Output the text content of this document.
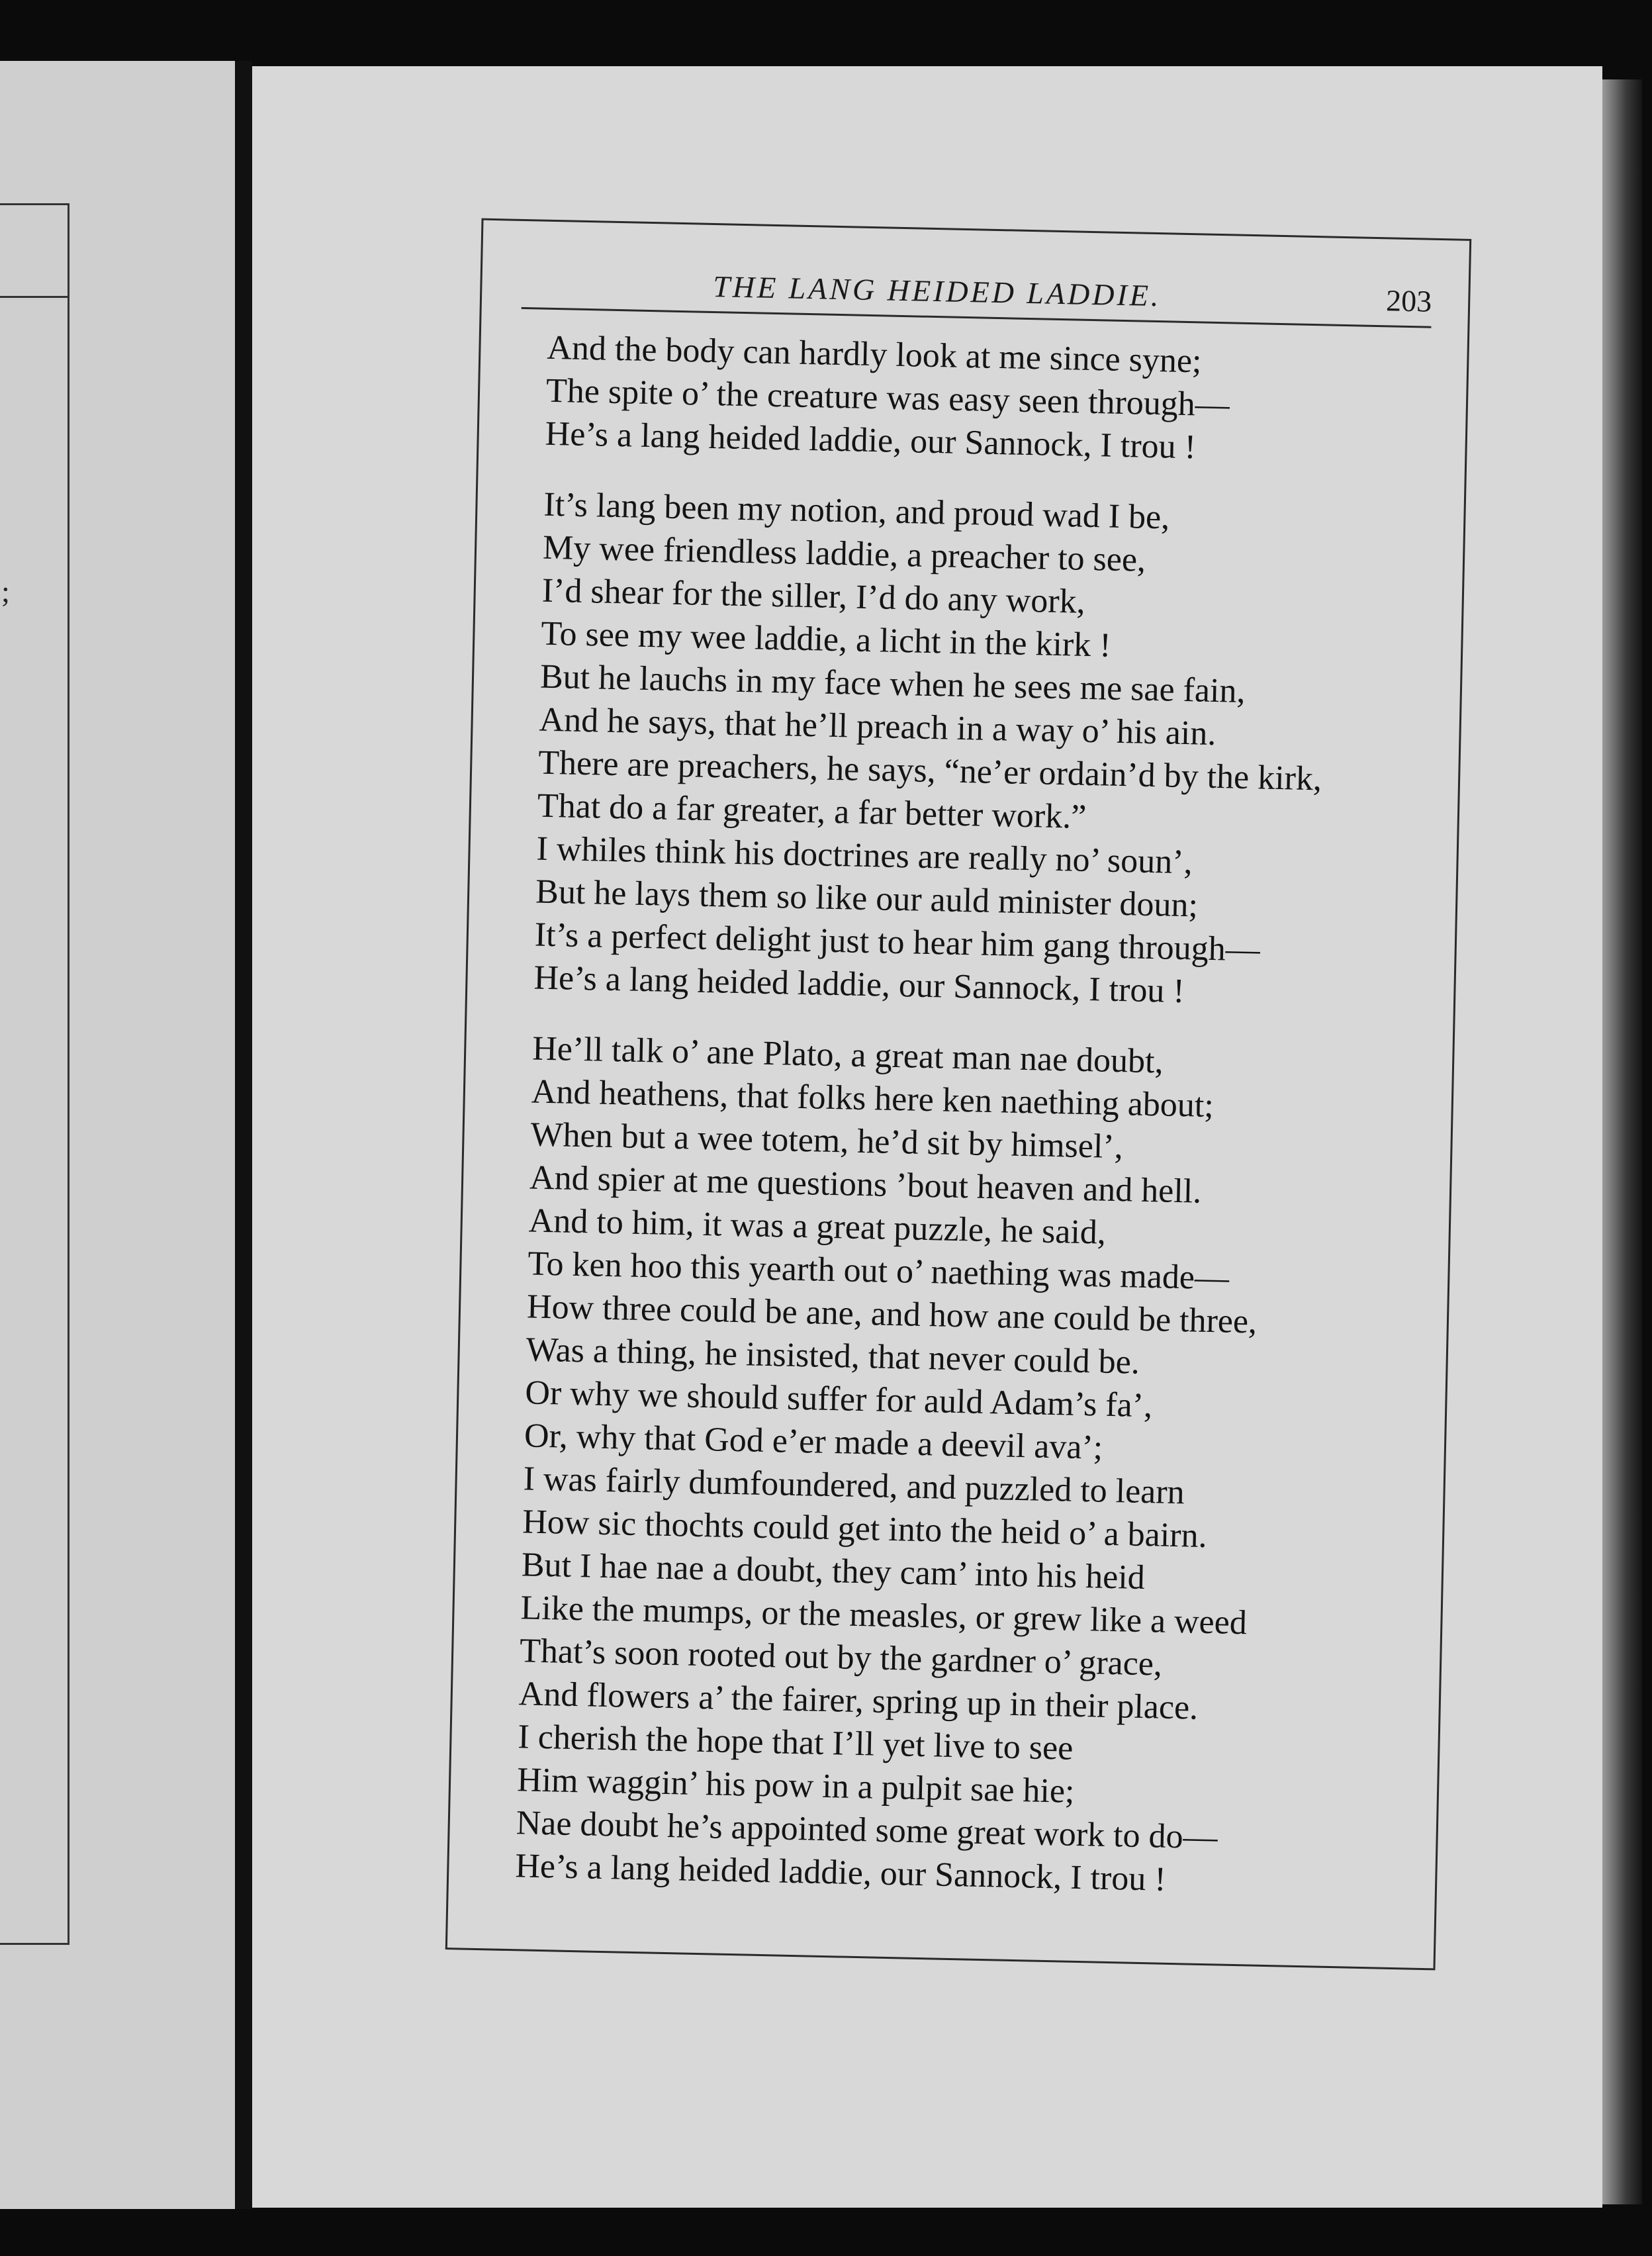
;
THE LANG HEIDED LADDIE.	203
And the body can hardly look at me since syne;
The spite o’ the creature was easy seen through—
He’s a lang heided laddie, our Sannock, I trou !
It’s lang been my notion, and proud wad I be,
My wee friendless laddie, a preacher to see,
I’d shear for the siller, I’d do any work,
To see my wee laddie, a licht in the kirk !
But he lauchs in my face when he sees me sae fain,
And he says, that he’ll preach in a way o’ his ain.
There are preachers, he says, “ne’er ordain’d by the kirk,
That do a far greater, a far better work.”
I whiles think his doctrines are really no’ soun’,
But he lays them so like our auld minister doun;
It’s a perfect delight just to hear him gang through—
He’s a lang heided laddie, our Sannock, I trou !
He’ll talk o’ ane Plato, a great man nae doubt,
And heathens, that folks here ken naething about;
When but a wee totem, he’d sit by himsel’,
And spier at me questions ’bout heaven and hell.
And to him, it was a great puzzle, he said,
To ken hoo this yearth out o’ naething was made—
How three could be ane, and how ane could be three,
Was a thing, he insisted, that never could be.
Or why we should suffer for auld Adam’s fa’,
Or, why that God e’er made a deevil ava’;
I was fairly dumfoundered, and puzzled to learn
How sic thochts could get into the heid o’ a bairn.
But I hae nae a doubt, they cam’ into his heid
Like the mumps, or the measles, or grew like a weed
That’s soon rooted out by the gardner o’ grace,
And flowers a’ the fairer, spring up in their place.
I cherish the hope that I’ll yet live to see
Him waggin’ his pow in a pulpit sae hie;
Nae doubt he’s appointed some great work to do—
He’s a lang heided laddie, our Sannock, I trou !
